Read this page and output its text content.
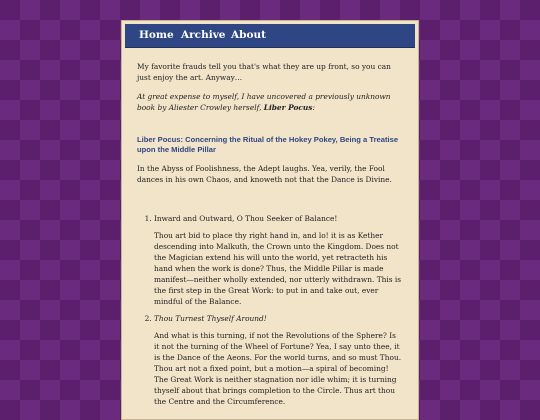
Home Archive About

My favorite frauds tell you that's what they are up front, so you can just enjoy the art. Anyway…

At great expense to myself, I have uncovered a previously unknown book by Aliester Crowley herself, Liber Pocus:

Liber Pocus: Concerning the Ritual of the Hokey Pokey, Being a Treatise upon the Middle Pillar

In the Abyss of Foolishness, the Adept laughs. Yea, verily, the Fool dances in his own Chaos, and knoweth not that the Dance is Divine.

1. Inward and Outward, O Thou Seeker of Balance!

Thou art bid to place thy right hand in, and lo! it is as Kether descending into Malkuth, the Crown unto the Kingdom. Does not the Magician extend his will unto the world, yet retracteth his hand when the work is done? Thus, the Middle Pillar is made manifest—neither wholly extended, nor utterly withdrawn. This is the first step in the Great Work: to put in and take out, ever mindful of the Balance.

2. Thou Turnest Thyself Around!

And what is this turning, if not the Revolutions of the Sphere? Is it not the turning of the Wheel of Fortune? Yea, I say unto thee, it is the Dance of the Aeons. For the world turns, and so must Thou. Thou art not a fixed point, but a motion—a spiral of becoming! The Great Work is neither stagnation nor idle whim; it is turning thyself about that brings completion to the Circle. Thus art thou the Centre and the Circumference.
